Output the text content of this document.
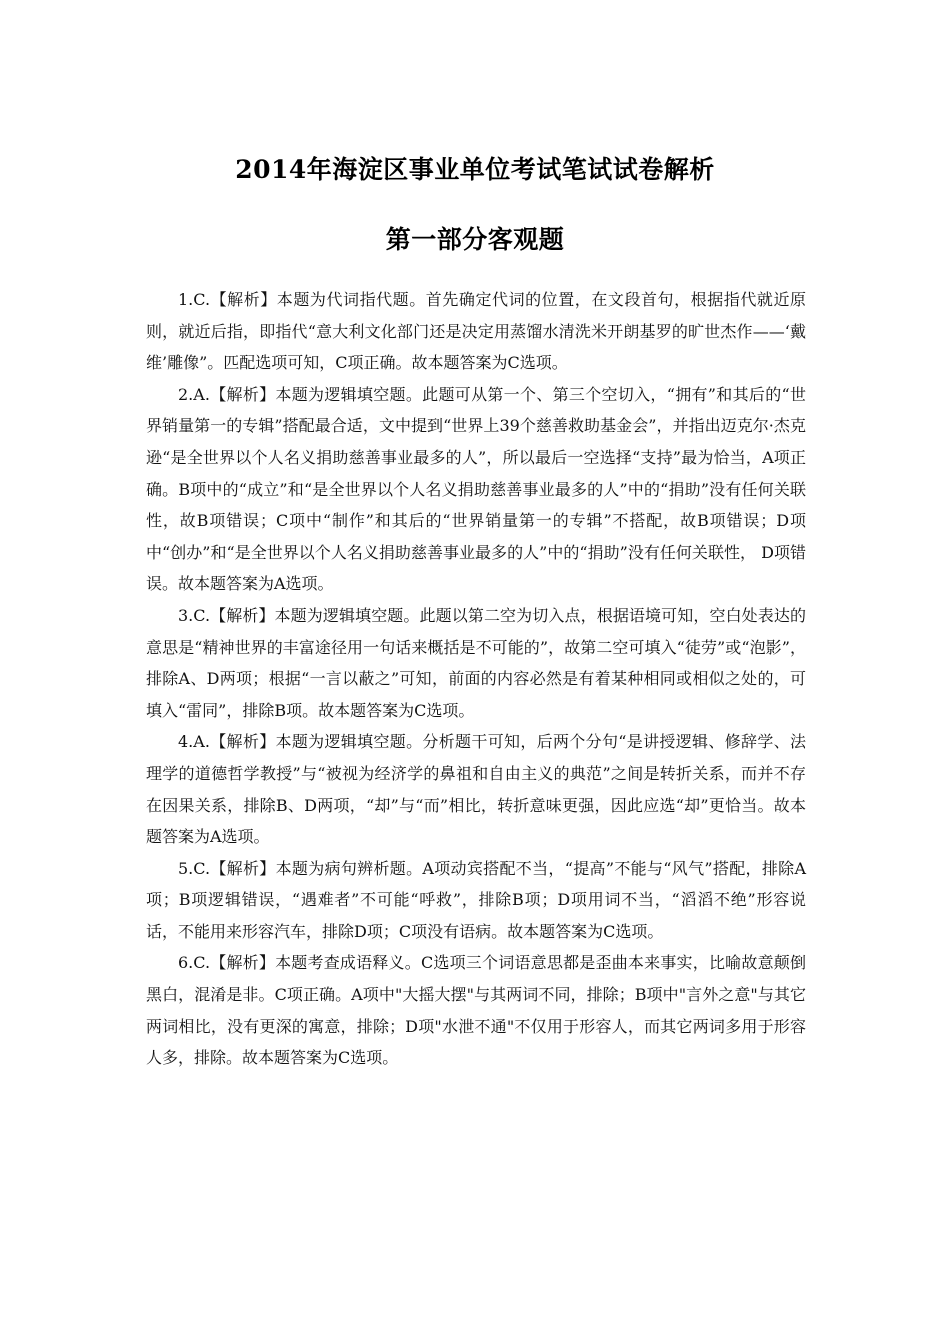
2014年海淀区事业单位考试笔试试卷解析
第一部分客观题

1.C.【解析】本题为代词指代题。首先确定代词的位置，在文段首句，根据指代就近原则，就近后指，即指代“意大利文化部门还是决定用蒸馏水清洗米开朗基罗的旷世杰作——‘戴维’雕像”。匹配选项可知，C项正确。故本题答案为C选项。

2.A.【解析】本题为逻辑填空题。此题可从第一个、第三个空切入，“拥有”和其后的“世界销量第一的专辑”搭配最合适，文中提到“世界上39个慈善救助基金会”，并指出迈克尔·杰克逊“是全世界以个人名义捐助慈善事业最多的人”，所以最后一空选择“支持”最为恰当，A项正确。B项中的“成立”和“是全世界以个人名义捐助慈善事业最多的人”中的“捐助”没有任何关联性，故B项错误；C项中“制作”和其后的“世界销量第一的专辑”不搭配，故B项错误；D项中“创办”和“是全世界以个人名义捐助慈善事业最多的人”中的“捐助”没有任何关联性， D项错误。故本题答案为A选项。

3.C.【解析】本题为逻辑填空题。此题以第二空为切入点，根据语境可知，空白处表达的意思是“精神世界的丰富途径用一句话来概括是不可能的”，故第二空可填入“徒劳”或“泡影”，排除A、D两项；根据“一言以蔽之”可知，前面的内容必然是有着某种相同或相似之处的，可填入“雷同”，排除B项。故本题答案为C选项。

4.A.【解析】本题为逻辑填空题。分析题干可知，后两个分句“是讲授逻辑、修辞学、法理学的道德哲学教授”与“被视为经济学的鼻祖和自由主义的典范”之间是转折关系，而并不存在因果关系，排除B、D两项，“却”与“而”相比，转折意味更强，因此应选“却”更恰当。故本题答案为A选项。

5.C.【解析】本题为病句辨析题。A项动宾搭配不当，“提高”不能与“风气”搭配，排除A项；B项逻辑错误，“遇难者”不可能“呼救”，排除B项；D项用词不当，“滔滔不绝”形容说话，不能用来形容汽车，排除D项；C项没有语病。故本题答案为C选项。

6.C.【解析】本题考查成语释义。C选项三个词语意思都是歪曲本来事实，比喻故意颠倒黑白，混淆是非。C项正确。A项中"大摇大摆"与其两词不同，排除；B项中"言外之意"与其它两词相比，没有更深的寓意，排除；D项"水泄不通"不仅用于形容人，而其它两词多用于形容人多，排除。故本题答案为C选项。
